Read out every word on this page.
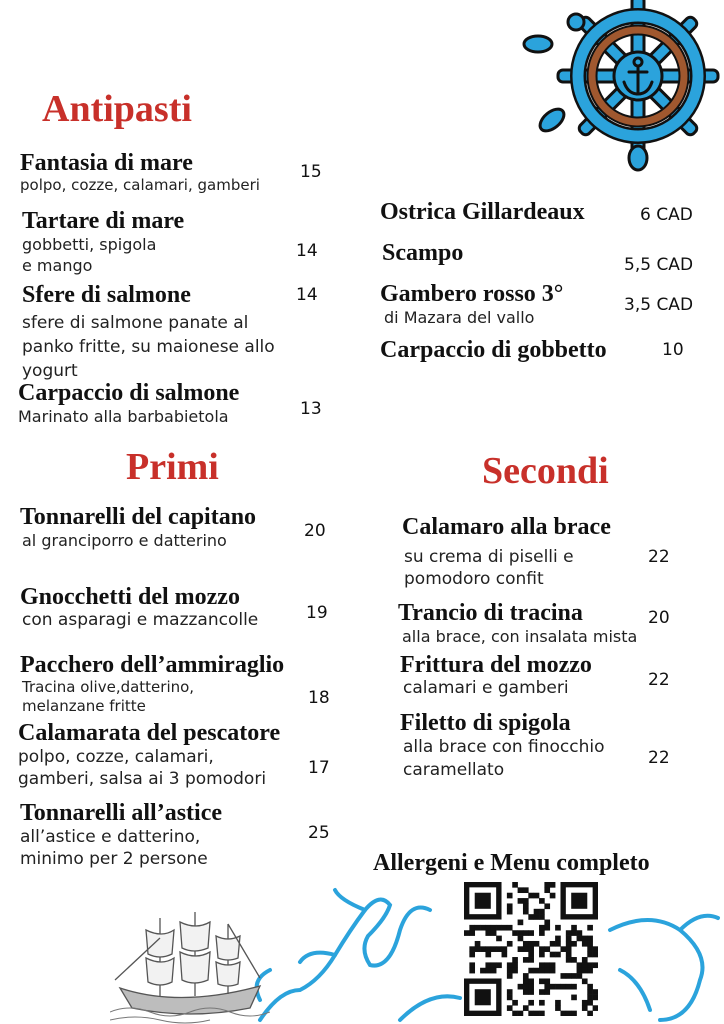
Antipasti
Fantasia di mare
polpo, cozze, calamari, gamberi
15
Tartare di mare
gobbetti, spigola
e mango
14
Sfere di salmone
sfere di salmone panate al
panko fritte, su maionese allo
yogurt
14
Carpaccio di salmone
Marinato alla barbabietola	13
Ostrica Gillardeaux	6 CAD
Scampo	5,5 CAD
Gambero rosso 3°
di Mazara del vallo
3,5 CAD
Carpaccio di gobbetto	10
Primi
Tonnarelli del capitano
al granciporro e datterino	20
Gnocchetti del mozzo
con asparagi e mazzancolle	19
Pacchero dell’ammiraglio
Tracina olive,datterino,
melanzane fritte	18
Calamarata del pescatore
polpo, cozze, calamari,
gamberi, salsa ai 3 pomodori
17
Tonnarelli all’astice
all’astice e datterino,
minimo per 2 persone
25
Secondi
Calamaro alla brace
su crema di piselli e
pomodoro confit
22
Trancio di tracina
alla brace, con insalata mista
20
Frittura del mozzo
calamari e gamberi	22
Filetto di spigola
alla brace con finocchio
caramellato
22
Allergeni e Menu completo
